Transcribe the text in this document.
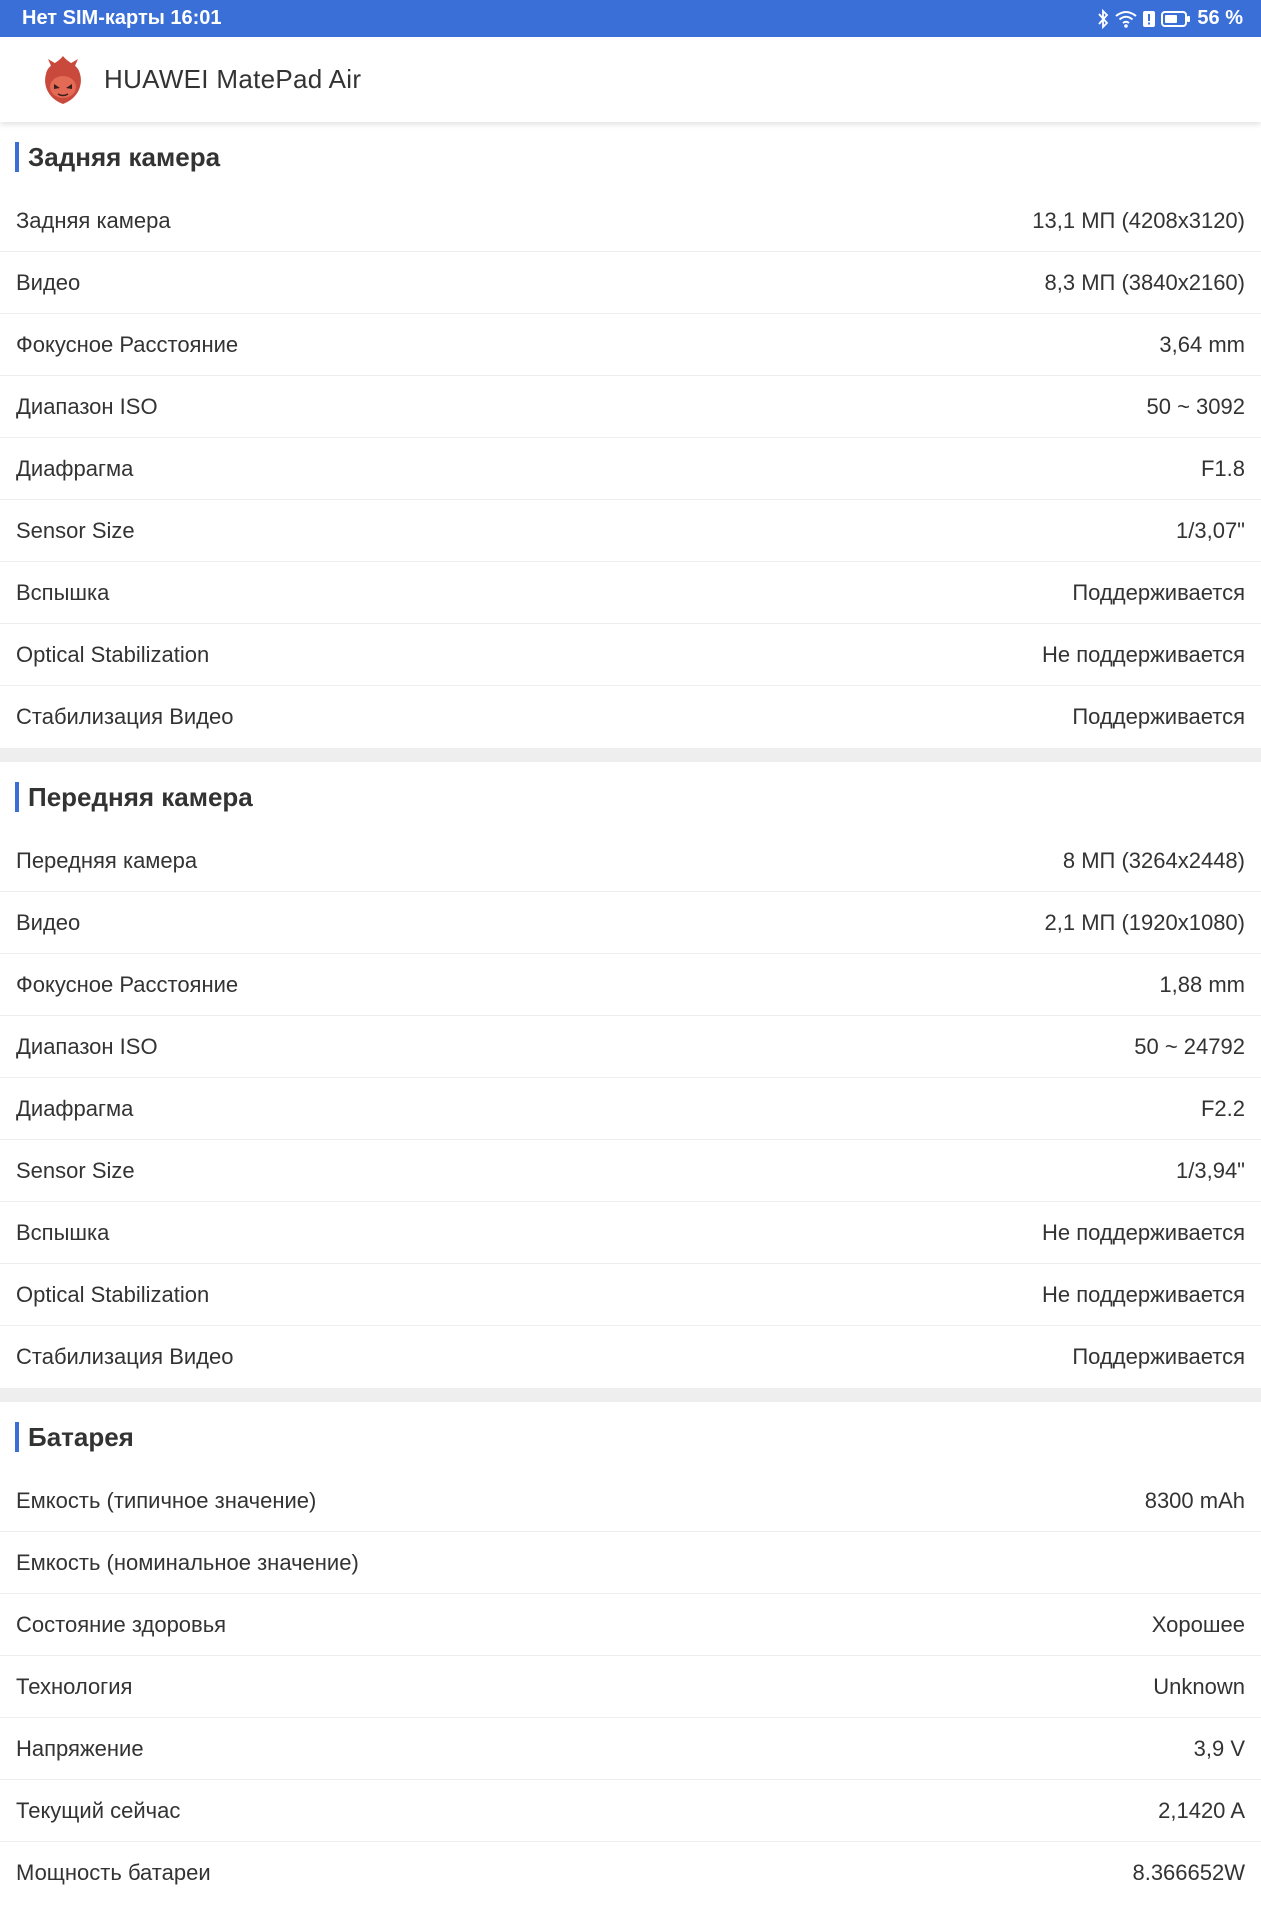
Нет SIM-карты 16:01	56 %
HUAWEI MatePad Air
Задняя камера
Задняя камера	13,1 МП (4208x3120)
Видео	8,3 МП (3840x2160)
Фокусное Расстояние	3,64 mm
Диапазон ISO	50 ~ 3092
Диафрагма	F1.8
Sensor Size	1/3,07"
Вспышка	Поддерживается
Optical Stabilization	Не поддерживается
Стабилизация Видео	Поддерживается
Передняя камера
Передняя камера	8 МП (3264x2448)
Видео	2,1 МП (1920x1080)
Фокусное Расстояние	1,88 mm
Диапазон ISO	50 ~ 24792
Диафрагма	F2.2
Sensor Size	1/3,94"
Вспышка	Не поддерживается
Optical Stabilization	Не поддерживается
Стабилизация Видео	Поддерживается
Батарея
Емкость (типичное значение)	8300 mAh
Емкость (номинальное значение)
Состояние здоровья	Хорошее
Технология	Unknown
Напряжение	3,9 V
Текущий сейчас	2,1420 A
Мощность батареи	8.366652W
